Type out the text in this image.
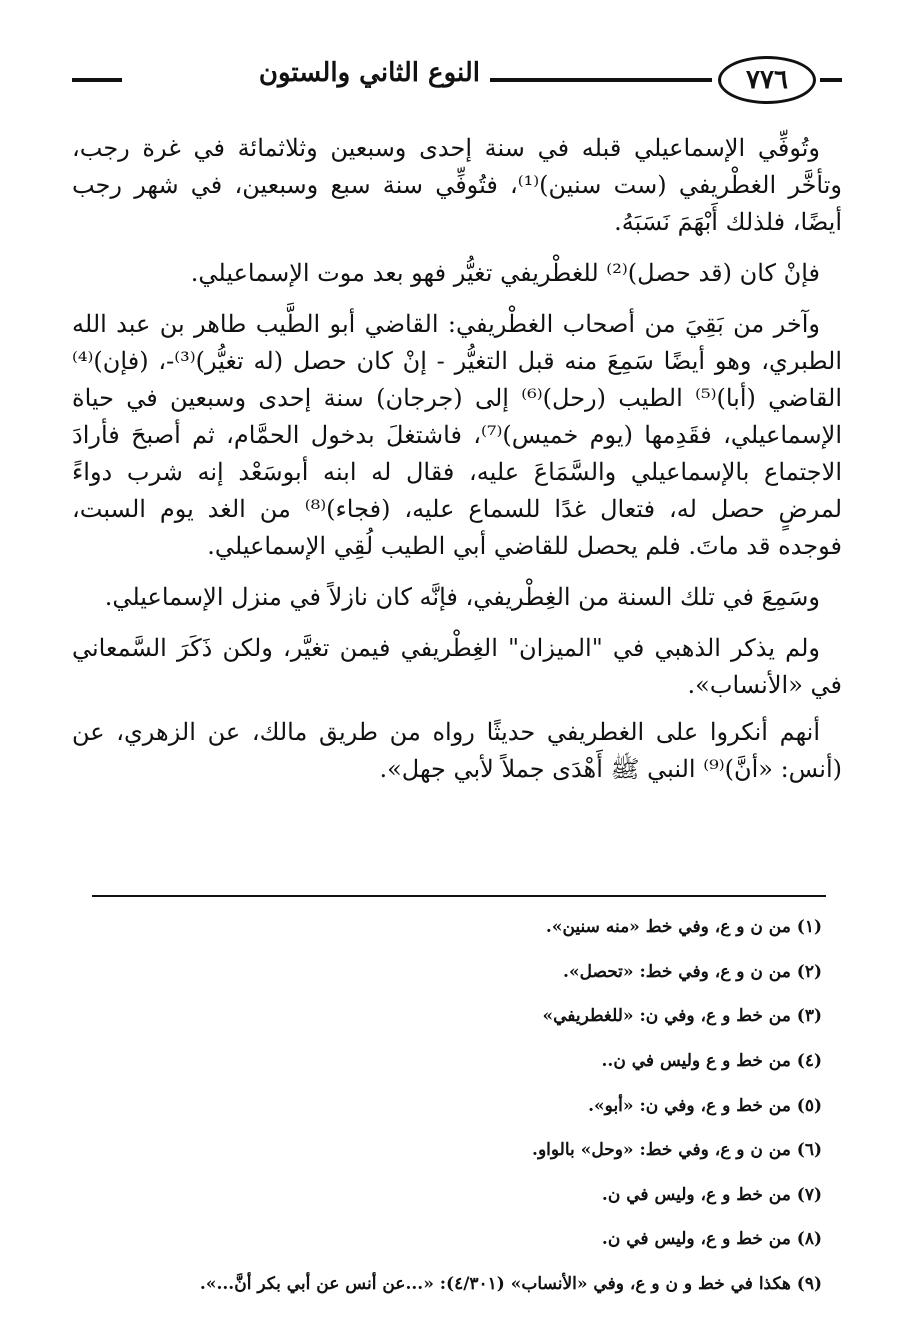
٧٧٦
النوع الثاني والستون

وتُوفِّي الإسماعيلي قبله في سنة إحدى وسبعين وثلاثمائة في غرة رجب، وتأخَّر الغطْريفي (ست سنين)⁽¹⁾، فتُوفِّي سنة سبع وسبعين، في شهر رجب أيضًا، فلذلك أَبْهَمَ نَسَبَهُ.

فإنْ كان (قد حصل)⁽²⁾ للغطْريفي تغيُّر فهو بعد موت الإسماعيلي.

وآخر من بَقِيَ من أصحاب الغطْريفي: القاضي أبو الطَّيب طاهر بن عبد الله الطبري، وهو أيضًا سَمِعَ منه قبل التغيُّر - إنْ كان حصل (له تغيُّر)⁽³⁾-، (فإن)⁽⁴⁾ القاضي (أبا)⁽⁵⁾ الطيب (رحل)⁽⁶⁾ إلى (جرجان) سنة إحدى وسبعين في حياة الإسماعيلي، فقَدِمها (يوم خميس)⁽⁷⁾، فاشتغلَ بدخول الحمَّام، ثم أصبحَ فأرادَ الاجتماع بالإسماعيلي والسَّمَاعَ عليه، فقال له ابنه أبوسَعْد إنه شرب دواءً لمرضٍ حصل له، فتعال غدًا للسماع عليه، (فجاء)⁽⁸⁾ من الغد يوم السبت، فوجده قد ماتَ. فلم يحصل للقاضي أبي الطيب لُقِي الإسماعيلي.

وسَمِعَ في تلك السنة من الغِطْريفي، فإنَّه كان نازلاً في منزل الإسماعيلي.

ولم يذكر الذهبي في "الميزان" الغِطْريفي فيمن تغيَّر، ولكن ذَكَرَ السَّمعاني في «الأنساب».

أنهم أنكروا على الغطريفي حديثًا رواه من طريق مالك، عن الزهري، عن (أنس: «أنَّ)⁽⁹⁾ النبي ﷺ أَهْدَى جملاً لأبي جهل».

(١) من ن و ع، وفي خط «منه سنين».

(٢) من ن و ع، وفي خط: «تحصل».

(٣) من خط و ع، وفي ن: «للغطريفي»

(٤) من خط و ع وليس في ن..

(٥) من خط و ع، وفي ن: «أبو».

(٦) من ن و ع، وفي خط: «وحل» بالواو.

(٧) من خط و ع، وليس في ن.

(٨) من خط و ع، وليس في ن.

(٩) هكذا في خط و ن و ع، وفي «الأنساب» (٤/٣٠١): «...عن أنس عن أبي بكر أنَّ...».
